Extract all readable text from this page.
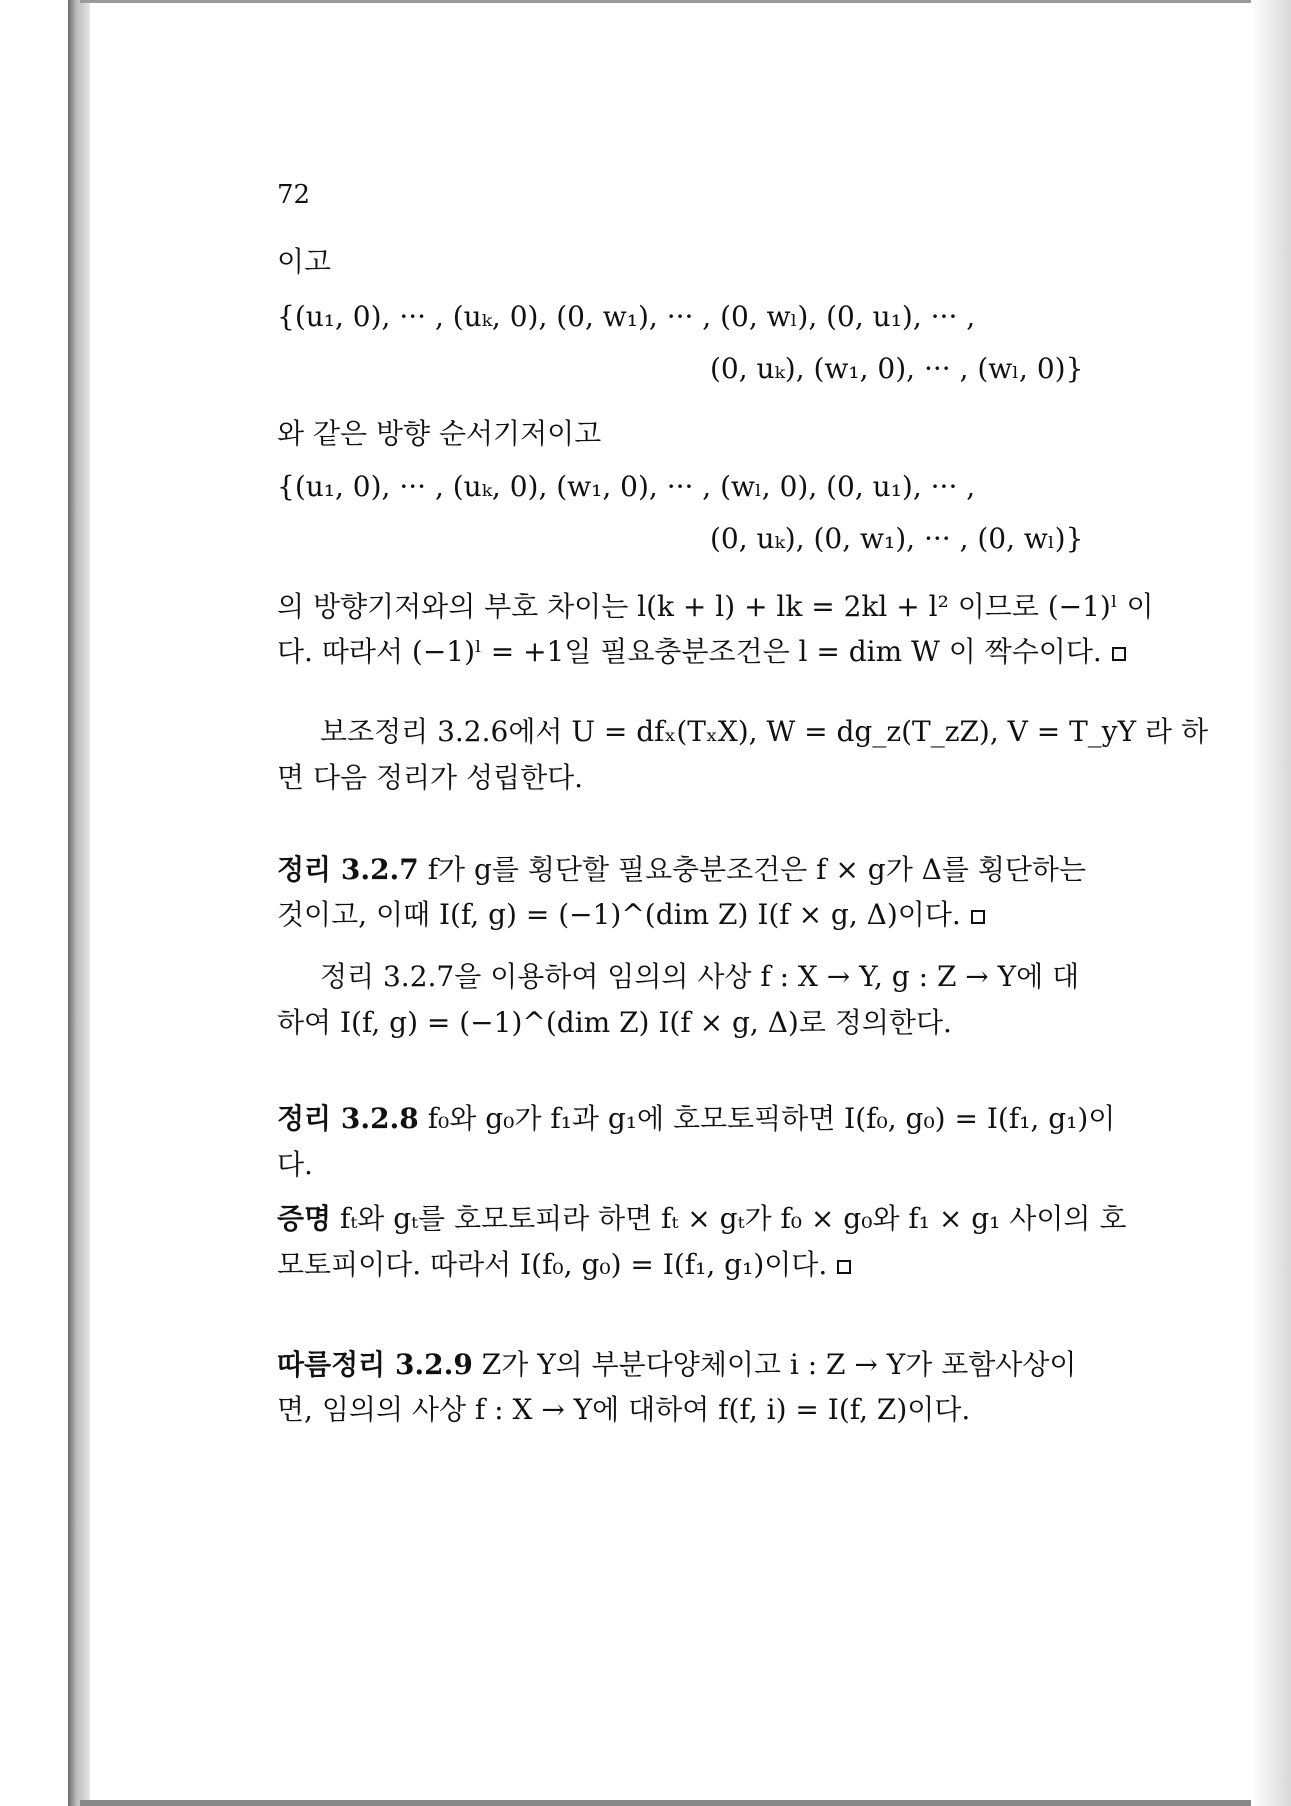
72
이고
{(u₁, 0), ··· , (uₖ, 0), (0, w₁), ··· , (0, wₗ), (0, u₁), ··· ,
(0, uₖ), (w₁, 0), ··· , (wₗ, 0)}
와 같은 방향 순서기저이고
{(u₁, 0), ··· , (uₖ, 0), (w₁, 0), ··· , (wₗ, 0), (0, u₁), ··· ,
(0, uₖ), (0, w₁), ··· , (0, wₗ)}
의 방향기저와의 부호 차이는 l(k + l) + lk = 2kl + l² 이므로 (−1)ˡ 이
다. 따라서 (−1)ˡ = +1일 필요충분조건은 l = dim W 이 짝수이다.
보조정리 3.2.6에서 U = dfₓ(TₓX), W = dg_z(T_zZ), V = T_yY 라 하
면 다음 정리가 성립한다.
정리 3.2.7 f가 g를 횡단할 필요충분조건은 f × g가 Δ를 횡단하는
것이고, 이때 I(f, g) = (−1)^(dim Z) I(f × g, Δ)이다.
정리 3.2.7을 이용하여 임의의 사상 f : X → Y, g : Z → Y에 대
하여 I(f, g) = (−1)^(dim Z) I(f × g, Δ)로 정의한다.
정리 3.2.8 f₀와 g₀가 f₁과 g₁에 호모토픽하면 I(f₀, g₀) = I(f₁, g₁)이
다.
증명 fₜ와 gₜ를 호모토피라 하면 fₜ × gₜ가 f₀ × g₀와 f₁ × g₁ 사이의 호
모토피이다. 따라서 I(f₀, g₀) = I(f₁, g₁)이다.
따름정리 3.2.9 Z가 Y의 부분다양체이고 i : Z → Y가 포함사상이
면, 임의의 사상 f : X → Y에 대하여 f(f, i) = I(f, Z)이다.
